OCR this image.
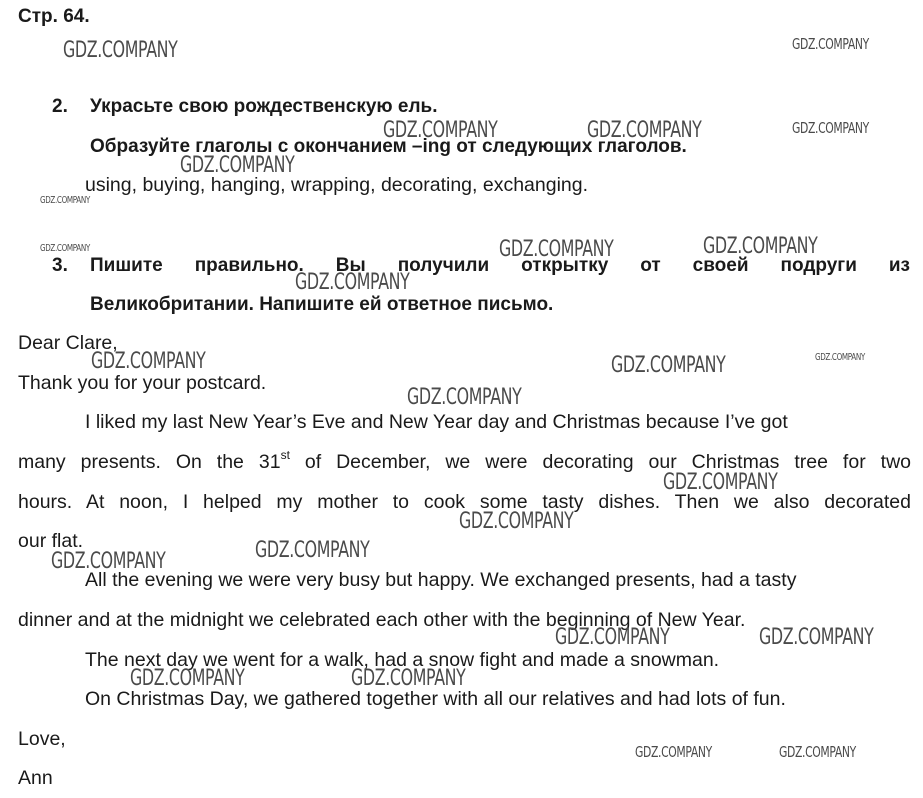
Стр. 64.
2. Украсьте свою рождественскую ель.
Образуйте глаголы с окончанием –ing от следующих глаголов.
using, buying, hanging, wrapping, decorating, exchanging.
3. Пишите правильно. Вы получили открытку от своей подруги из
Великобритании. Напишите ей ответное письмо.
Dear Clare,
Thank you for your postcard.
I liked my last New Year’s Eve and New Year day and Christmas because I’ve got
many presents. On the 31st of December, we were decorating our Christmas tree for two
hours. At noon, I helped my mother to cook some tasty dishes. Then we also decorated
our flat.
All the evening we were very busy but happy. We exchanged presents, had a tasty
dinner and at the midnight we celebrated each other with the beginning of New Year.
The next day we went for a walk, had a snow fight and made a snowman.
On Christmas Day, we gathered together with all our relatives and had lots of fun.
Love,
Ann
GDZ.COMPANY	GDZ.COMPANY
GDZ.COMPANY	GDZ.COMPANY	GDZ.COMPANY
GDZ.COMPANY
GDZ.COMPANY
GDZ.COMPANY	GDZ.COMPANY	GDZ.COMPANY
GDZ.COMPANY
GDZ.COMPANY	GDZ.COMPANY	GDZ.COMPANY
GDZ.COMPANY
GDZ.COMPANY
GDZ.COMPANY
GDZ.COMPANY
GDZ.COMPANY
GDZ.COMPANY	GDZ.COMPANY
GDZ.COMPANY	GDZ.COMPANY
GDZ.COMPANY	GDZ.COMPANY
